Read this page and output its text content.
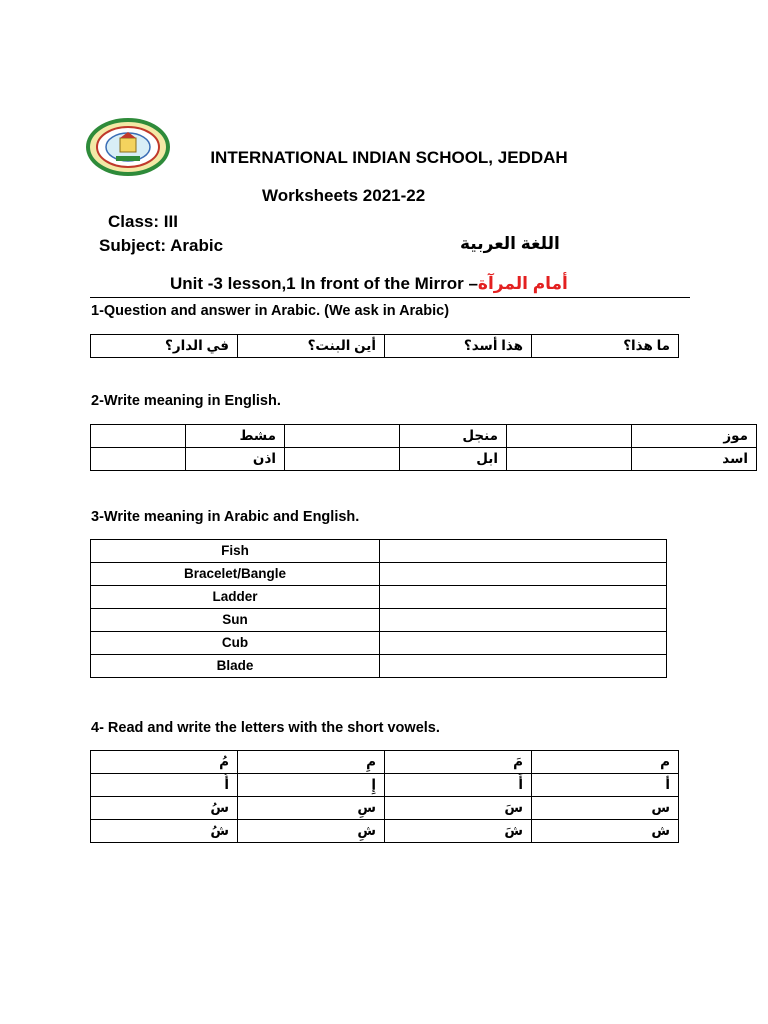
INTERNATIONAL INDIAN SCHOOL, JEDDAH
Worksheets 2021-22
Class: III
Subject: Arabic	اللغة العربية
Unit -3 lesson,1 In front of the Mirror –أمام المرآة
1-Question and answer in Arabic. (We ask in Arabic)
في الدار؟	أين البنت؟	هذا أسد؟	ما هذا؟
2-Write meaning in English.
	مشط		منجل		موز
	اذن		ابل		اسد
3-Write meaning in Arabic and English.
Fish	
Bracelet/Bangle	
Ladder	
Sun	
Cub	
Blade	
4- Read and write the letters with the short vowels.
مُ	مِ	مَ	م
أُ	إِ	أَ	أ
سُ	سِ	سَ	س
شُ	شِ	شَ	ش
